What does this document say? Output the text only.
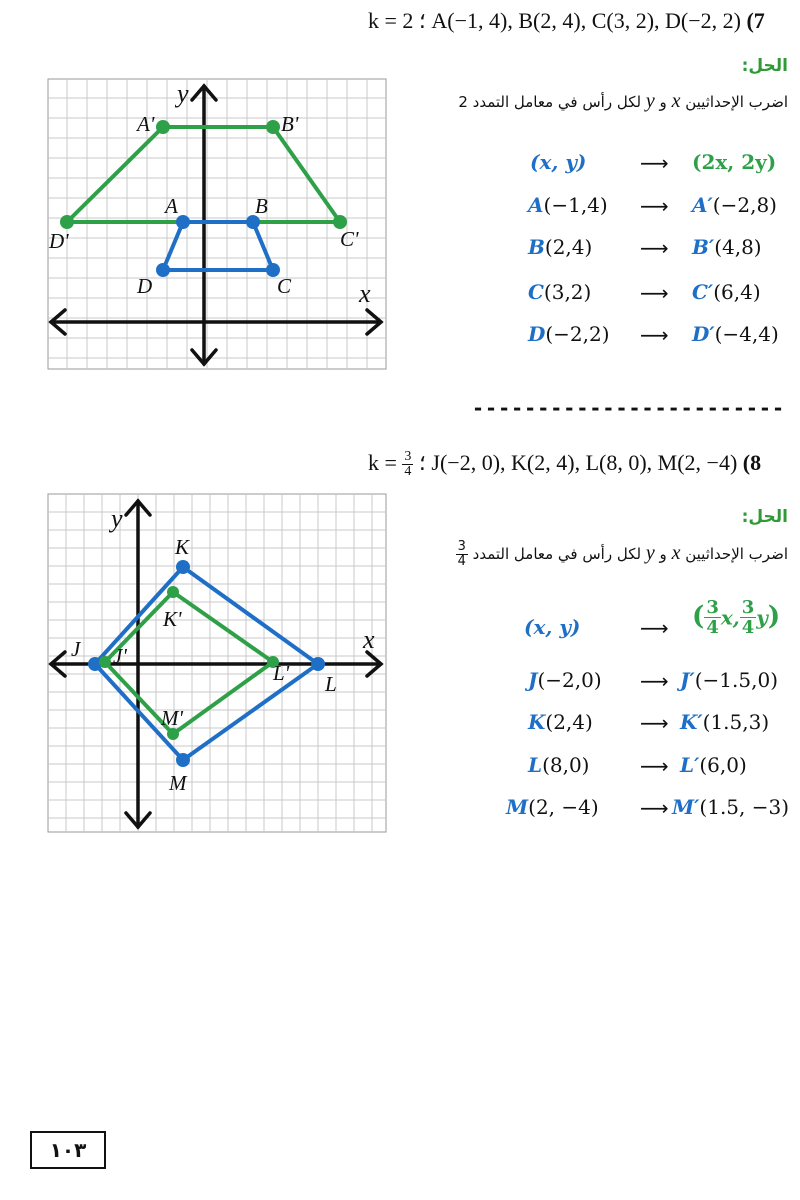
k = 2 ؛ A(−1, 4), B(2, 4), C(3, 2), D(−2, 2) (7
الحل:
اضرب الإحداثيين x و y لكل رأس في معامل التمدد 2
(x, y)	⟶ (2x, 2y)
A(−1,4) ⟶ A′(−2,8)
B(2,4) ⟶ B′(4,8)
C(3,2) ⟶ C′(6,4)
D(−2,2) ⟶ D′(−4,4)
y
x
A'	B'
C'
D'
A	B
C
D
------------------------
$k = \frac{3}{4}$ ؛ J(−2, 0), K(2, 4), L(8, 0), M(2, −4) (8
الحل:
اضرب الإحداثيين x و y لكل رأس في معامل التمدد
$\frac{3}{4}$
(x, y)	⟶ ( $\frac{3}{4} x$, $\frac{3}{4} y$)
J(−2,0) ⟶ J′(−1.5,0)
K(2,4) ⟶ K′(1.5,3)
L(8,0)	⟶ L′(6,0)
M(2, −4) ⟶ M′(1.5, −3)
y
x
J J'
K
K'
L
L'
M
M'
١٠٣
